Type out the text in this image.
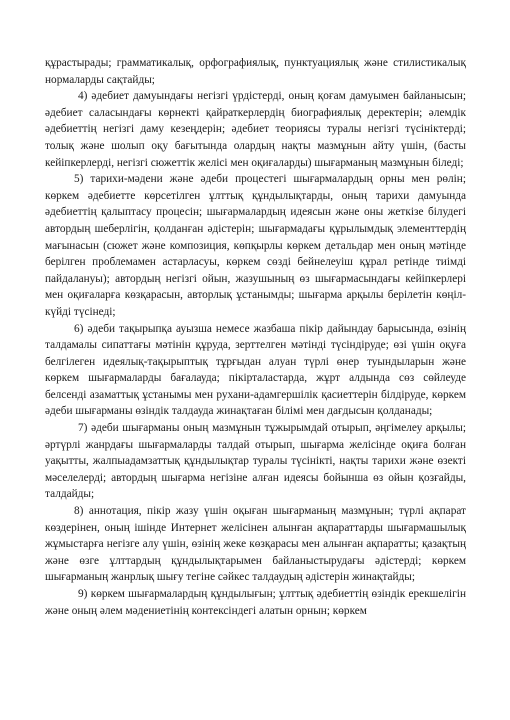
құрастырады; грамматикалық, орфографиялық, пунктуациялық және стилистикалық нормаларды сақтайды;

4) әдебиет дамуындағы негізгі үрдістерді, оның қоғам дамуымен байланысын; әдебиет саласындағы көрнекті қайраткерлердің биографиялық деректерін; әлемдік әдебиеттің негізгі даму кезеңдерін; әдебиет теориясы туралы негізгі түсініктерді; толық және шолып оқу бағытында олардың нақты мазмұнын айту үшін, (басты кейіпкерлерді, негізгі сюжеттік желісі мен оқиғаларды) шығарманың мазмұнын біледі;

5) тарихи-мәдени және әдеби процестегі шығармалардың орны мен рөлін; көркем әдебиетте көрсетілген ұлттық құндылықтарды, оның тарихи дамуында әдебиеттің қалыптасу процесін; шығармалардың идеясын және оны жеткізе білудегі автордың шеберлігін, қолданған әдістерін; шығармадағы құрылымдық элементтердің мағынасын (сюжет және композиция, көпқырлы көркем детальдар мен оның мәтінде берілген проблемамен астарласуы, көркем сөзді бейнелеуіш құрал ретінде тиімді пайдалануы); автордың негізгі ойын, жазушының өз шығармасындағы кейіпкерлері мен оқиғаларға көзқарасын, авторлық ұстанымды; шығарма арқылы берілетін көңіл-күйді түсінеді;

6) әдеби тақырыпқа ауызша немесе жазбаша пікір дайындау барысында, өзінің талдамалы сипаттағы мәтінін құруда, зерттелген мәтінді түсіндіруде; өзі үшін оқуға белгілеген идеялық-тақырыптық тұрғыдан алуан түрлі өнер туындыларын және көркем шығармаларды бағалауда; пікірталастарда, жұрт алдында сөз сөйлеуде белсенді азаматтық ұстанымы мен рухани-адамгершілік қасиеттерін білдіруде, көркем әдеби шығарманы өзіндік талдауда жинақтаған білімі мен дағдысын қолданады;

7) әдеби шығарманы оның мазмұнын тұжырымдай отырып, әңгімелеу арқылы; әртүрлі жанрдағы шығармаларды талдай отырып, шығарма желісінде оқиға болған уақытты, жалпыадамзаттық құндылықтар туралы түсінікті, нақты тарихи және өзекті мәселелерді; автордың шығарма негізіне алған идеясы бойынша өз ойын қозғайды, талдайды;

8) аннотация, пікір жазу үшін оқыған шығарманың мазмұнын; түрлі ақпарат көздерінен, оның ішінде Интернет желісінен алынған ақпараттарды шығармашылық жұмыстарға негізге алу үшін, өзінің жеке көзқарасы мен алынған ақпаратты; қазақтың және өзге ұлттардың құндылықтарымен байланыстырудағы әдістерді; көркем шығарманың жанрлық шығу тегіне сәйкес талдаудың әдістерін жинақтайды;

9) көркем шығармалардың құндылығын; ұлттық әдебиеттің өзіндік ерекшелігін және оның әлем мәдениетінің контексіндегі алатын орнын; көркем
